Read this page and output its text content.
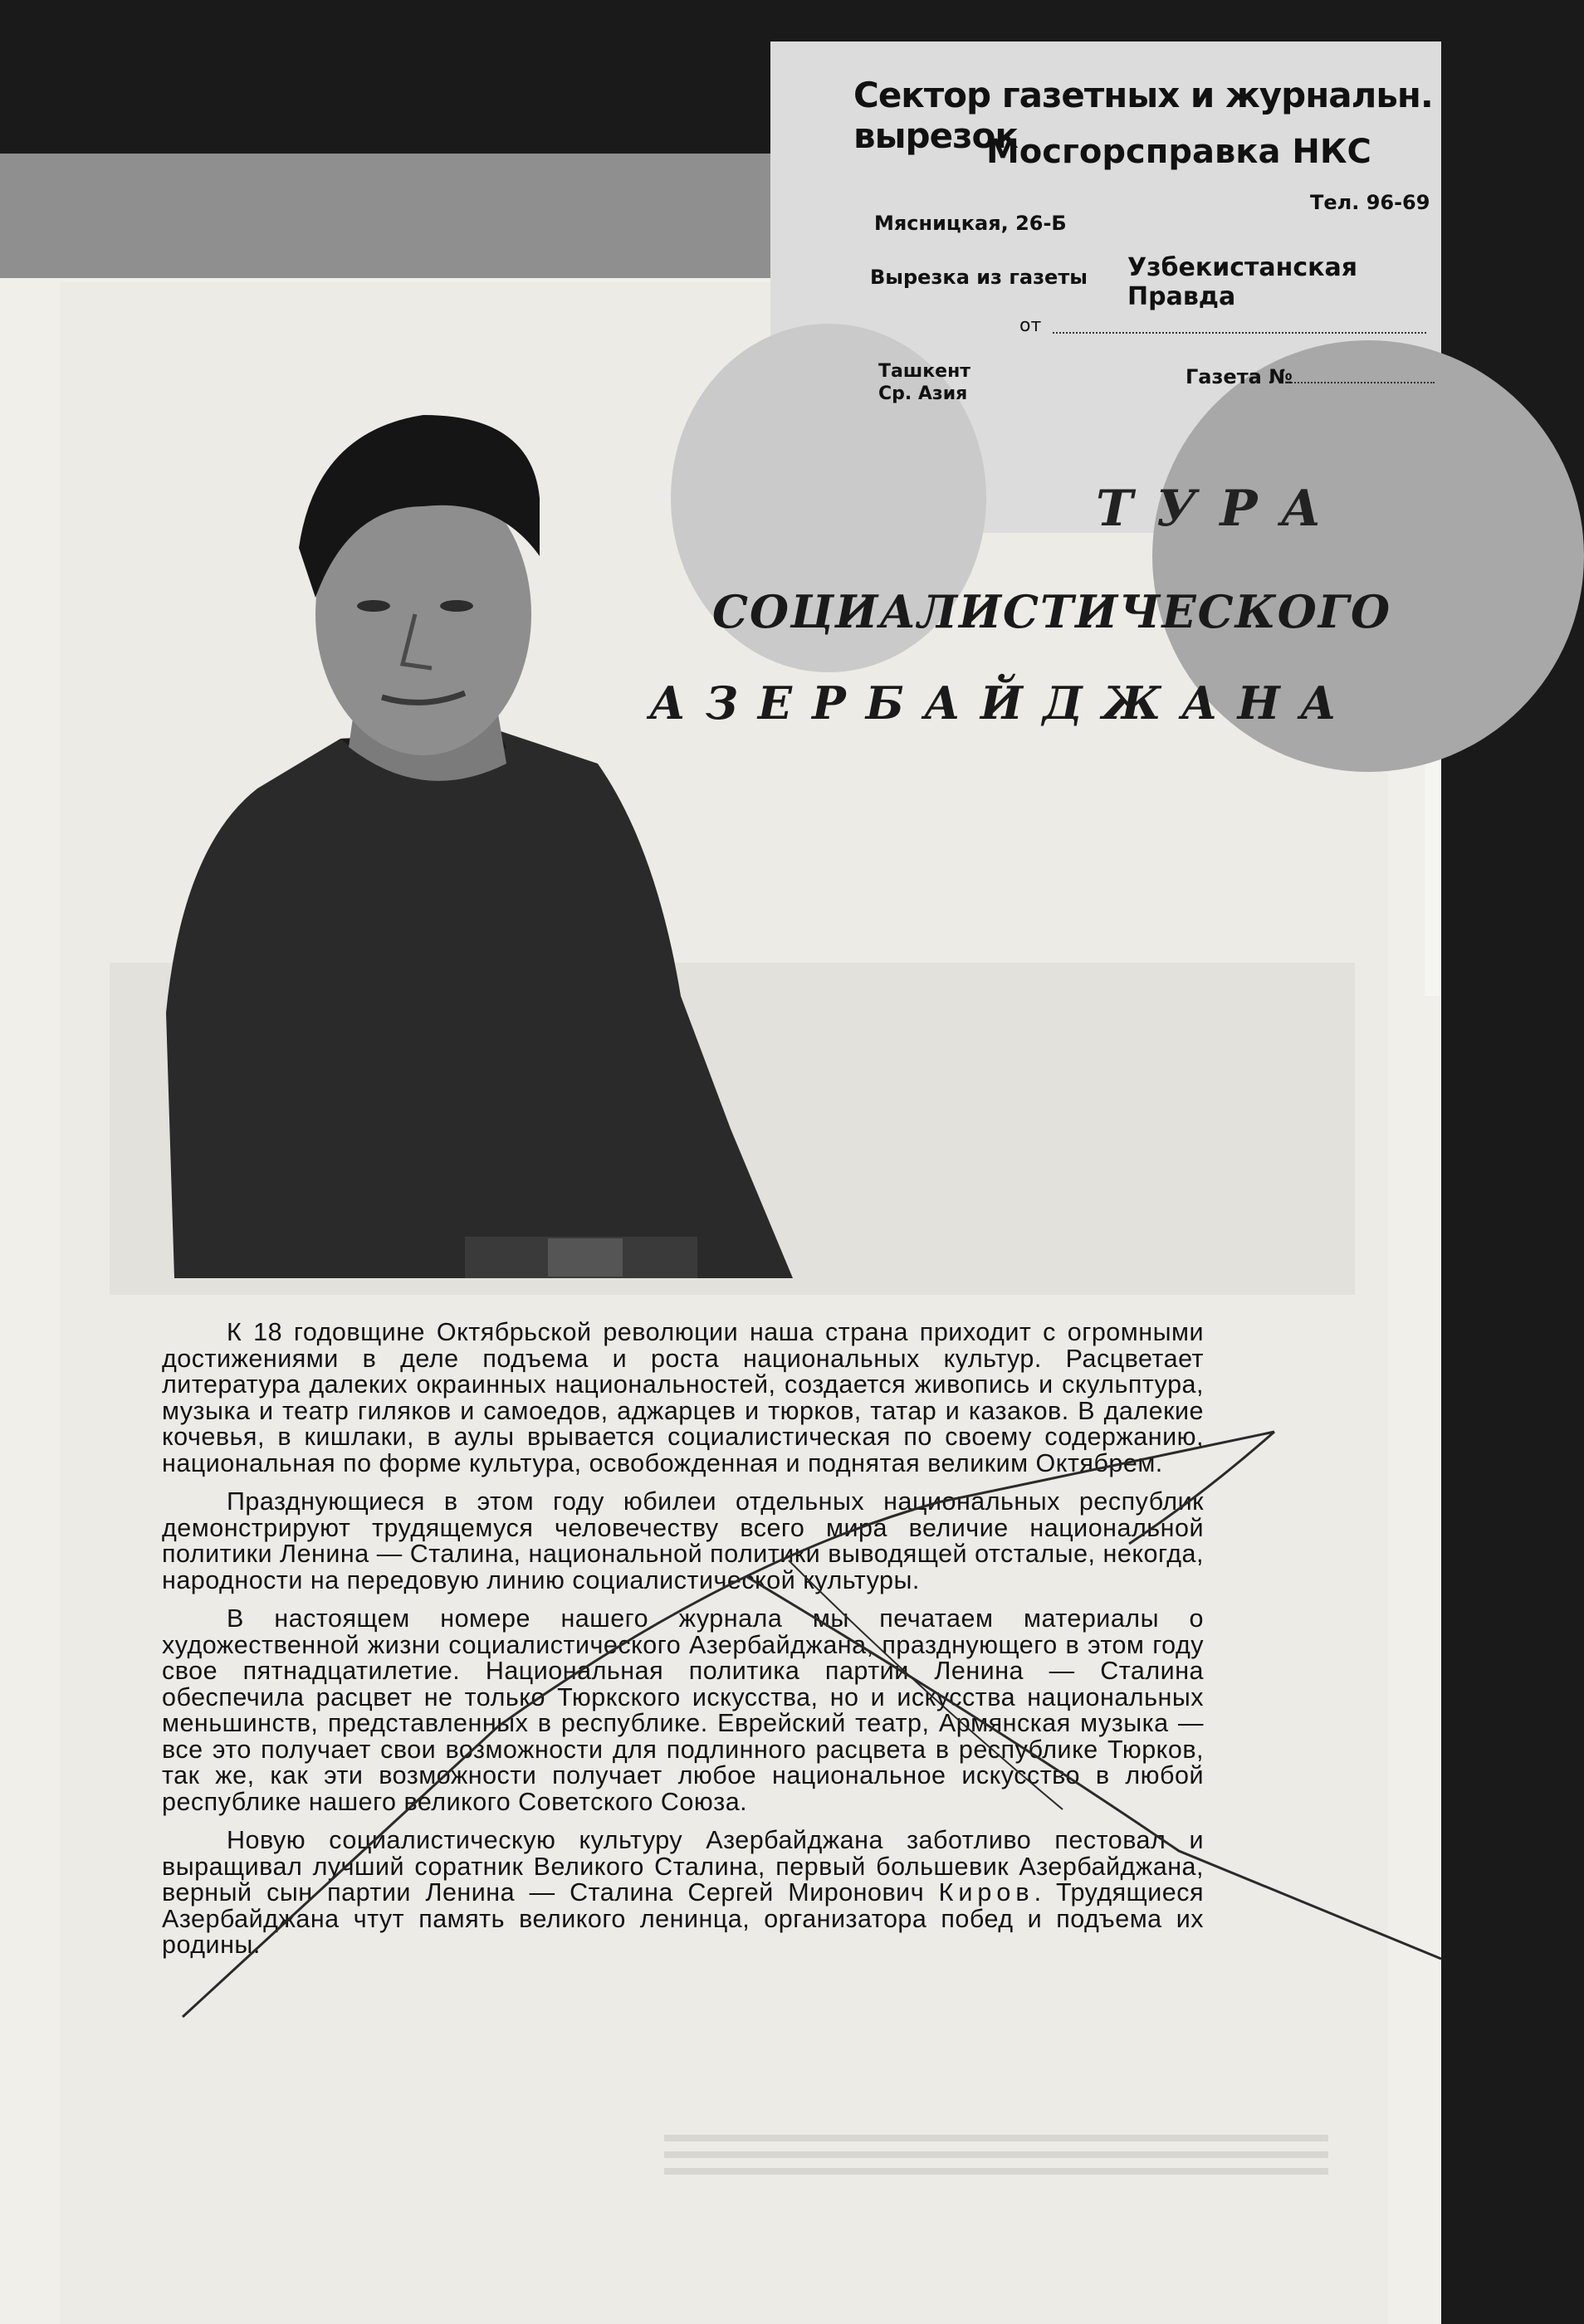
Сектор газетных и журнальн. вырезок
Мосгорсправка НКС
Тел. 96-69
Мясницкая, 26-Б
Вырезка из газеты Узбекистанская Правда
от
Ташкент
Ср. Азия
Газета №
ТУРА
СОЦИАЛИСТИЧЕСКОГО
АЗЕРБАЙДЖАНА

К 18 годовщине Октябрьской революции наша страна приходит с огромными достижениями в деле подъема и роста национальных культур. Расцветает литература далеких окраинных национальностей, создается живопись и скульптура, музыка и театр гиляков и самоедов, аджарцев и тюрков, татар и казаков. В далекие кочевья, в кишлаки, в аулы врывается социалистическая по своему содержанию, национальная по форме культура, освобожденная и поднятая великим Октябрем.

Празднующиеся в этом году юбилеи отдельных национальных республик демонстрируют трудящемуся человечеству всего мира величие национальной политики Ленина — Сталина, национальной политики выводящей отсталые, некогда, народности на передовую линию социалистической культуры.

В настоящем номере нашего журнала мы печатаем материалы о художественной жизни социалистического Азербайджана, празднующего в этом году свое пятнадцатилетие. Национальная политика партии Ленина — Сталина обеспечила расцвет не только Тюркского искусства, но и искусства национальных меньшинств, представленных в республике. Еврейский театр, Армянская музыка — все это получает свои возможности для подлинного расцвета в республике Тюрков, так же, как эти возможности получает любое национальное искусство в любой республике нашего великого Советского Союза.

Новую социалистическую культуру Азербайджана заботливо пестовал и выращивал лучший соратник Великого Сталина, первый большевик Азербайджана, верный сын партии Ленина — Сталина Сергей Миронович Киров. Трудящиеся Азербайджана чтут память великого ленинца, организатора побед и подъема их родины.
